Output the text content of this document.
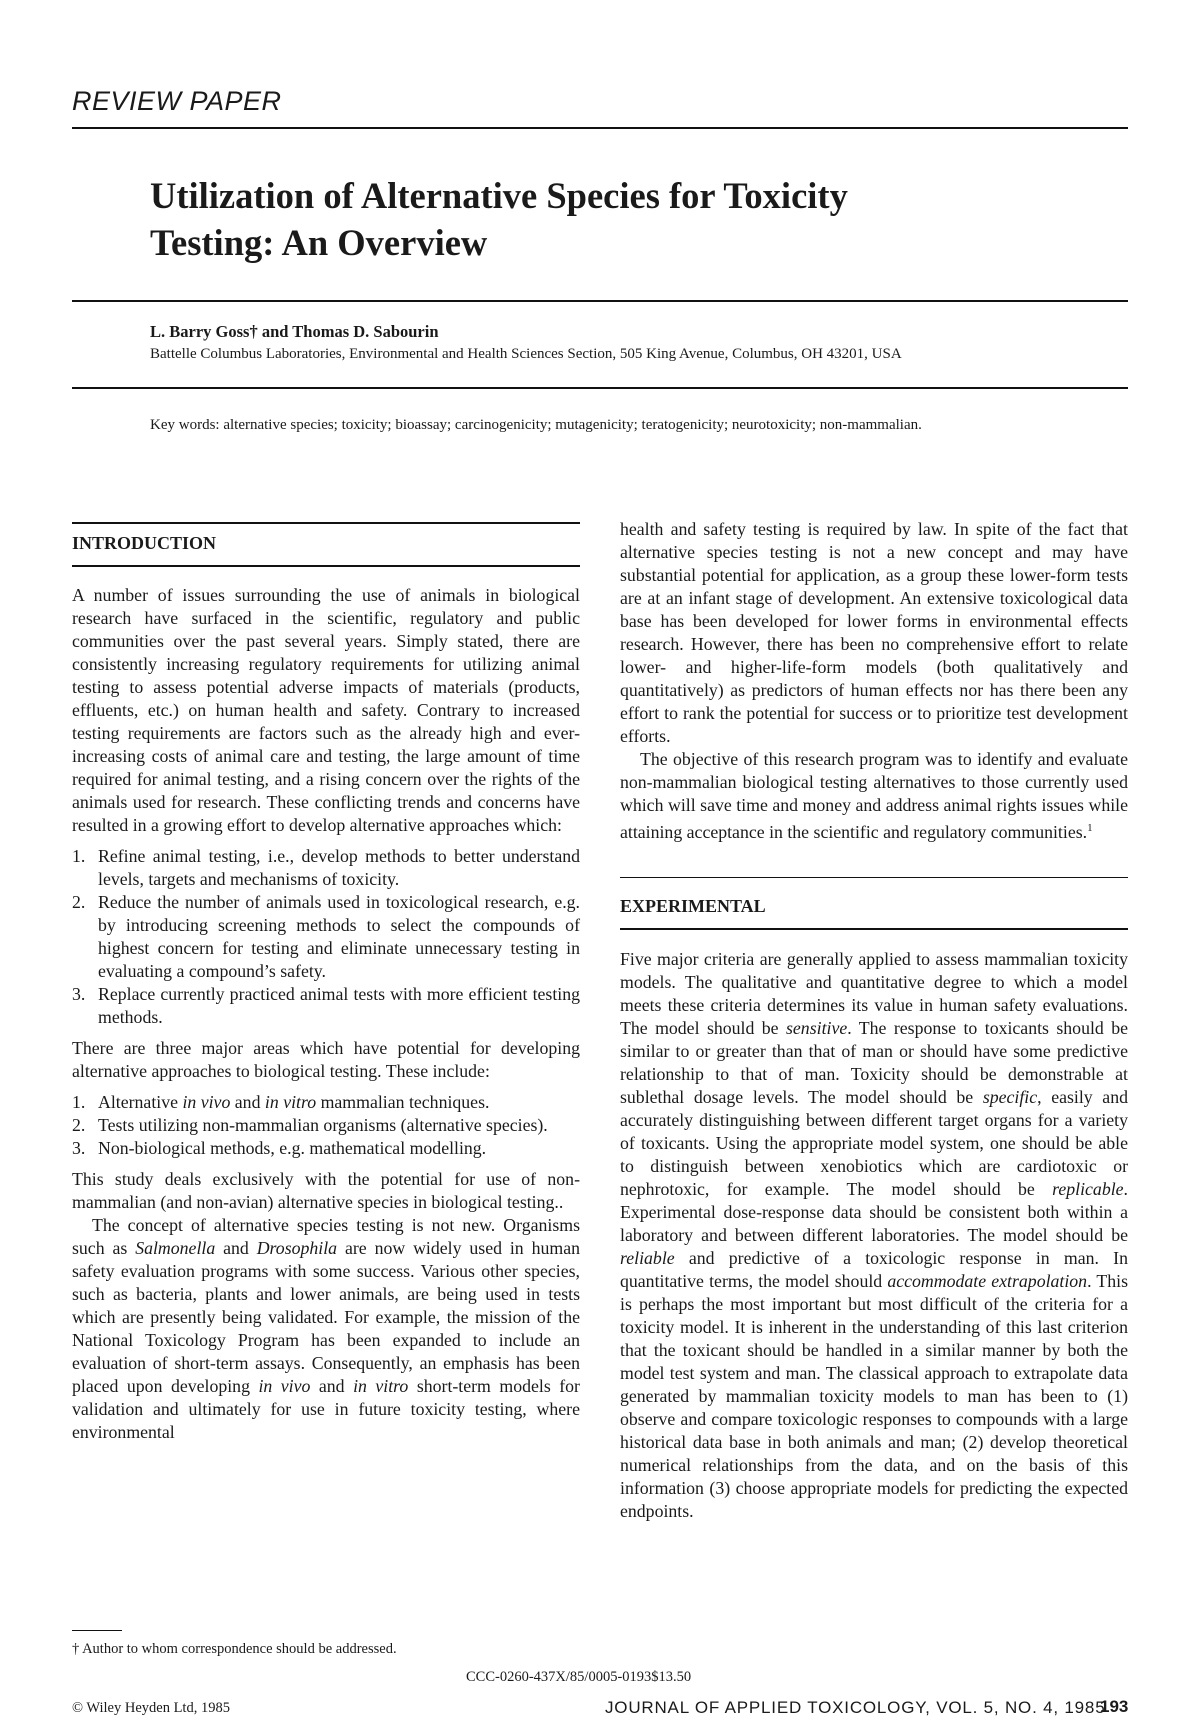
REVIEW PAPER
Utilization of Alternative Species for Toxicity
Testing: An Overview
L. Barry Goss† and Thomas D. Sabourin
Battelle Columbus Laboratories, Environmental and Health Sciences Section, 505 King Avenue, Columbus, OH 43201, USA
Key words: alternative species; toxicity; bioassay; carcinogenicity; mutagenicity; teratogenicity; neurotoxicity; non-mammalian.
INTRODUCTION

A number of issues surrounding the use of animals in biological research have surfaced in the scientific, regulatory and public communities over the past several years. Simply stated, there are consistently increasing regulatory requirements for utilizing animal testing to assess potential adverse impacts of materials (products, effluents, etc.) on human health and safety. Contrary to increased testing requirements are factors such as the already high and ever-increasing costs of animal care and testing, the large amount of time required for animal testing, and a rising concern over the rights of the animals used for research. These conflicting trends and concerns have resulted in a growing effort to develop alternative approaches which:

1. Refine animal testing, i.e., develop methods to better understand levels, targets and mechanisms of toxicity.
2. Reduce the number of animals used in toxicological research, e.g. by introducing screening methods to select the compounds of highest concern for testing and eliminate unnecessary testing in evaluating a compound’s safety.
3. Replace currently practiced animal tests with more efficient testing methods.

There are three major areas which have potential for developing alternative approaches to biological testing. These include:

1. Alternative in vivo and in vitro mammalian techniques.
2. Tests utilizing non-mammalian organisms (alternative species).
3. Non-biological methods, e.g. mathematical modelling.

This study deals exclusively with the potential for use of non-mammalian (and non-avian) alternative species in biological testing..

The concept of alternative species testing is not new. Organisms such as Salmonella and Drosophila are now widely used in human safety evaluation programs with some success. Various other species, such as bacteria, plants and lower animals, are being used in tests which are presently being validated. For example, the mission of the National Toxicology Program has been expanded to include an evaluation of short-term assays. Consequently, an emphasis has been placed upon developing in vivo and in vitro short-term models for validation and ultimately for use in future toxicity testing, where environmental

† Author to whom correspondence should be addressed.

health and safety testing is required by law. In spite of the fact that alternative species testing is not a new concept and may have substantial potential for application, as a group these lower-form tests are at an infant stage of development. An extensive toxicological data base has been developed for lower forms in environmental effects research. However, there has been no comprehensive effort to relate lower- and higher-life-form models (both qualitatively and quantitatively) as predictors of human effects nor has there been any effort to rank the potential for success or to prioritize test development efforts.

The objective of this research program was to identify and evaluate non-mammalian biological testing alternatives to those currently used which will save time and money and address animal rights issues while attaining acceptance in the scientific and regulatory communities.$^1$

EXPERIMENTAL

Five major criteria are generally applied to assess mammalian toxicity models. The qualitative and quantitative degree to which a model meets these criteria determines its value in human safety evaluations. The model should be sensitive. The response to toxicants should be similar to or greater than that of man or should have some predictive relationship to that of man. Toxicity should be demonstrable at sublethal dosage levels. The model should be specific, easily and accurately distinguishing between different target organs for a variety of toxicants. Using the appropriate model system, one should be able to distinguish between xenobiotics which are cardiotoxic or nephrotoxic, for example. The model should be replicable. Experimental dose-response data should be consistent both within a laboratory and between different laboratories. The model should be reliable and predictive of a toxicologic response in man. In quantitative terms, the model should accommodate extrapolation. This is perhaps the most important but most difficult of the criteria for a toxicity model. It is inherent in the understanding of this last criterion that the toxicant should be handled in a similar manner by both the model test system and man. The classical approach to extrapolate data generated by mammalian toxicity models to man has been to (1) observe and compare toxicologic responses to compounds with a large historical data base in both animals and man; (2) develop theoretical numerical relationships from the data, and on the basis of this information (3) choose appropriate models for predicting the expected endpoints.

CCC-0260-437X/85/0005-0193$13.50
© Wiley Heyden Ltd, 1985	JOURNAL OF APPLIED TOXICOLOGY, VOL. 5, NO. 4, 1985
193
